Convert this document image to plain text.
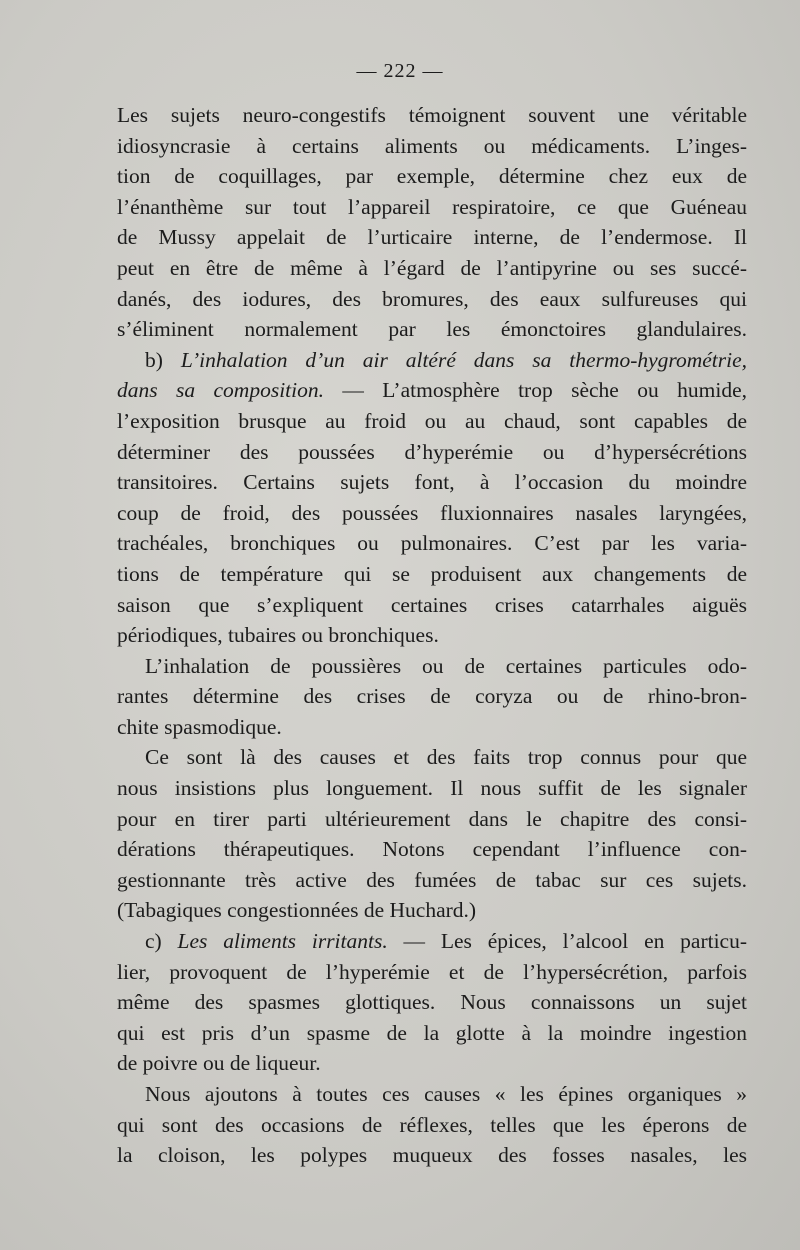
— 222 —
Les sujets neuro-congestifs témoignent souvent une véritable
idiosyncrasie à certains aliments ou médicaments. L’inges-
tion de coquillages, par exemple, détermine chez eux de
l’énanthème sur tout l’appareil respiratoire, ce que Guéneau
de Mussy appelait de l’urticaire interne, de l’endermose. Il
peut en être de même à l’égard de l’antipyrine ou ses succé-
danés, des iodures, des bromures, des eaux sulfureuses qui
s’éliminent normalement par les émonctoires glandulaires.
b) L’inhalation d’un air altéré dans sa thermo-hygrométrie,
dans sa composition. — L’atmosphère trop sèche ou humide,
l’exposition brusque au froid ou au chaud, sont capables de
déterminer des poussées d’hyperémie ou d’hypersécrétions
transitoires. Certains sujets font, à l’occasion du moindre
coup de froid, des poussées fluxionnaires nasales laryngées,
trachéales, bronchiques ou pulmonaires. C’est par les varia-
tions de température qui se produisent aux changements de
saison que s’expliquent certaines crises catarrhales aiguës
périodiques, tubaires ou bronchiques.
L’inhalation de poussières ou de certaines particules odo-
rantes détermine des crises de coryza ou de rhino-bron-
chite spasmodique.
Ce sont là des causes et des faits trop connus pour que
nous insistions plus longuement. Il nous suffit de les signaler
pour en tirer parti ultérieurement dans le chapitre des consi-
dérations thérapeutiques. Notons cependant l’influence con-
gestionnante très active des fumées de tabac sur ces sujets.
(Tabagiques congestionnées de Huchard.)
c) Les aliments irritants. — Les épices, l’alcool en particu-
lier, provoquent de l’hyperémie et de l’hypersécrétion, parfois
même des spasmes glottiques. Nous connaissons un sujet
qui est pris d’un spasme de la glotte à la moindre ingestion
de poivre ou de liqueur.
Nous ajoutons à toutes ces causes « les épines organiques »
qui sont des occasions de réflexes, telles que les éperons de
la cloison, les polypes muqueux des fosses nasales, les
